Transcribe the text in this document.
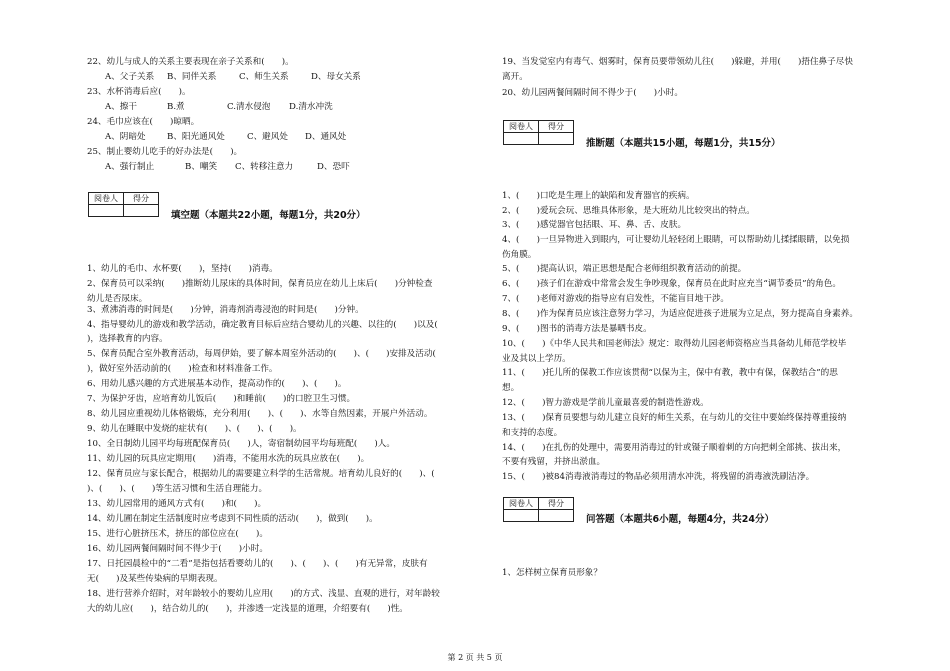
22、幼儿与成人的关系主要表现在亲子关系和(　　)。
A、父子关系 B、同伴关系	C、师生关系	D、母女关系
23、水杯消毒后应(　　)。
A、擦干	B.煮	C.清水侵泡 D.清水冲洗
24、毛巾应该在(　　)晾晒。
A、阴暗处 B、阳光通风处	C、避风处 D、通风处
25、制止婴幼儿吃手的好办法是(　　)。
A、强行制止	B、嘲笑 C、转移注意力	D、恐吓
阅卷人	得分

填空题（本题共22小题，每题1分，共20分）
1、幼儿的毛巾、水杯要(　　)，坚持(　　)消毒。
2、保育员可以采纳(　　)推断幼儿尿床的具体时间，保育员应在幼儿上床后(　　)分钟检查
幼儿是否尿床。
3、煮沸消毒的时间是(　　)分钟，消毒剂消毒浸泡的时间是(　　)分钟。
4、指导婴幼儿的游戏和教学活动，确定教育目标后应结合婴幼儿的兴趣、以往的(　　)以及(
)，选择教育的内容。
5、保育员配合室外教育活动，每周伊始，要了解本周室外活动的(　　)、(　　)安排及活动(
)，做好室外活动前的(　　)检查和材料准备工作。
6、用幼儿感兴趣的方式进展基本动作，提高动作的(　　)、(　　)。
7、为保护牙齿，应培育幼儿饭后(　　)和睡前(　　)的口腔卫生习惯。
8、幼儿园应重视幼儿体格锻炼，充分利用(　　)、(　　)、水等自然因素，开展户外活动。
9、幼儿在睡眠中发烧的症状有(　　)、(　　)、(　　)。
10、全日制幼儿园平均每班配保育员(　　)人，寄宿制幼园平均每班配(　　)人。
11、幼儿园的玩具应定期用(　　)消毒，不能用水洗的玩具应放在(　　)。
12、保育员应与家长配合，根据幼儿的需要建立科学的生活常规。培育幼儿良好的(　　)、(
)、(　　)、(　　)等生活习惯和生活自理能力。
13、幼儿园常用的通风方式有(　　)和(　　)。
14、幼儿圃在制定生活制度时应考虑到不同性质的活动(　　)，做到(　　)。
15、进行心脏挤压术，挤压的部位应在(　　)。
16、幼儿园两餐间隔时间不得少于(　　)小时。
17、日托园晨检中的“二看”是指包括看婴幼儿的(　　)、(　　)、(　　)有无异常，皮肤有
无(　　)及某些传染病的早期表现。
18、进行营养介绍时，对年龄较小的婴幼儿应用(　　)的方式、浅显、直观的进行，对年龄较
大的幼儿应(　　)，结合幼儿的(　　)，并渗透一定浅显的道理，介绍要有(　　)性。
19、当发觉室内有毒气、烟雾时，保育员要带领幼儿往(　　)躲避，并用(　　)捂住鼻子尽快
离开。
20、幼儿园两餐间隔时间不得少于(　　)小时。
阅卷人	得分

推断题（本题共15小题，每题1分，共15分）
1、(　　)口吃是生理上的缺陷和发育器官的疾病。
2、(　　)爱玩会玩、思维具体形象，是大班幼儿比较突出的特点。
3、(　　)感觉器官包括眼、耳、鼻、舌、皮肤。
4、(　　)一旦异物进入到眼内，可让婴幼儿轻轻闭上眼睛，可以帮助幼儿揉揉眼睛，以免损
伤角膜。
5、(　　)提高认识，端正思想是配合老师组织教育活动的前提。
6、(　　)孩子们在游戏中常常会发生争吵现象，保育员在此时应充当“调节委员”的角色。
7、(　　)老师对游戏的指导应有启发性，不能盲目地干涉。
8、(　　)作为保育员应该注意努力学习，为适应促进孩子进展为立足点，努力提高自身素养。
9、(　　)图书的消毒方法是暴晒书皮。
10、(　　)《中华人民共和国老师法》规定：取得幼儿园老师资格应当具备幼儿师范学校毕
业及其以上学历。
11、(　　)托儿所的保教工作应该贯彻“以保为主，保中有教，教中有保，保教结合”的思
想。
12、(　　)智力游戏是学前儿童最喜爱的制造性游戏。
13、(　　)保育员要想与幼儿建立良好的师生关系，在与幼儿的交往中要始终保持尊重接纳
和支持的态度。
14、(　　)在扎伤的处理中，需要用消毒过的针或镊子顺着刺的方向把刺全部挑、拔出来，
不要有残留，并挤出淤血。
15、(　　)被84消毒液消毒过的物品必须用清水冲洗，将残留的消毒液洗刷洁净。
阅卷人	得分

问答题（本题共6小题，每题4分，共24分）
1、怎样树立保育员形象？
第 2 页 共 5 页
